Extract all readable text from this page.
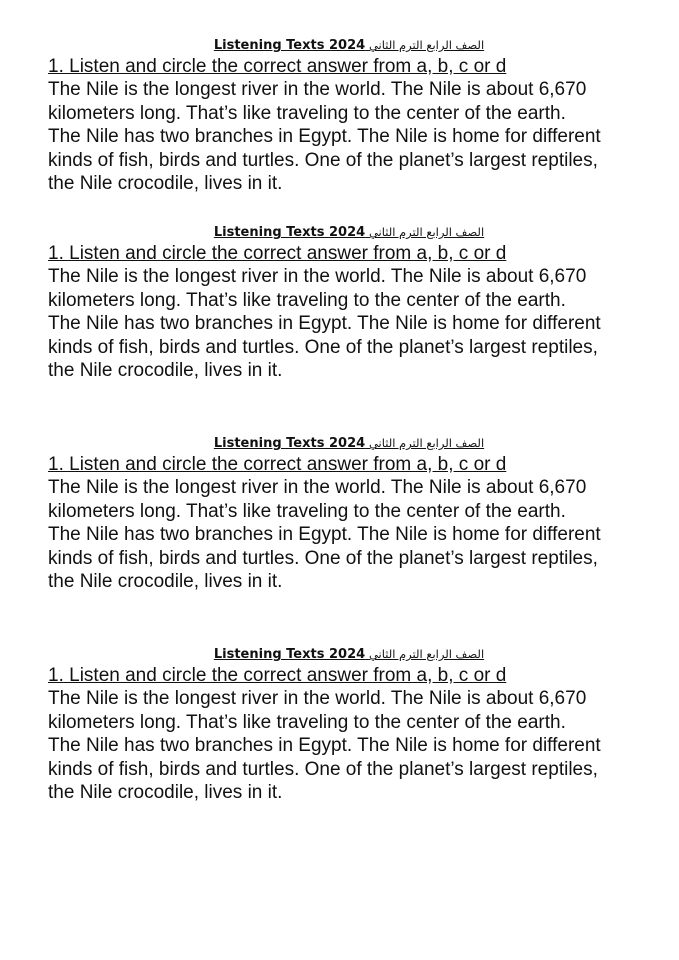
Listening Texts 2024 الصف الرابع الترم الثاني
1. Listen and circle the correct answer from a, b, c or d

The Nile is the longest river in the world. The Nile is about 6,670
kilometers long. That’s like traveling to the center of the earth.
The Nile has two branches in Egypt. The Nile is home for different
kinds of fish, birds and turtles. One of the planet’s largest reptiles,
the Nile crocodile, lives in it.

Listening Texts 2024 الصف الرابع الترم الثاني
1. Listen and circle the correct answer from a, b, c or d

The Nile is the longest river in the world. The Nile is about 6,670
kilometers long. That’s like traveling to the center of the earth.
The Nile has two branches in Egypt. The Nile is home for different
kinds of fish, birds and turtles. One of the planet’s largest reptiles,
the Nile crocodile, lives in it.

Listening Texts 2024 الصف الرابع الترم الثاني
1. Listen and circle the correct answer from a, b, c or d

The Nile is the longest river in the world. The Nile is about 6,670
kilometers long. That’s like traveling to the center of the earth.
The Nile has two branches in Egypt. The Nile is home for different
kinds of fish, birds and turtles. One of the planet’s largest reptiles,
the Nile crocodile, lives in it.

Listening Texts 2024 الصف الرابع الترم الثاني
1. Listen and circle the correct answer from a, b, c or d

The Nile is the longest river in the world. The Nile is about 6,670
kilometers long. That’s like traveling to the center of the earth.
The Nile has two branches in Egypt. The Nile is home for different
kinds of fish, birds and turtles. One of the planet’s largest reptiles,
the Nile crocodile, lives in it.
